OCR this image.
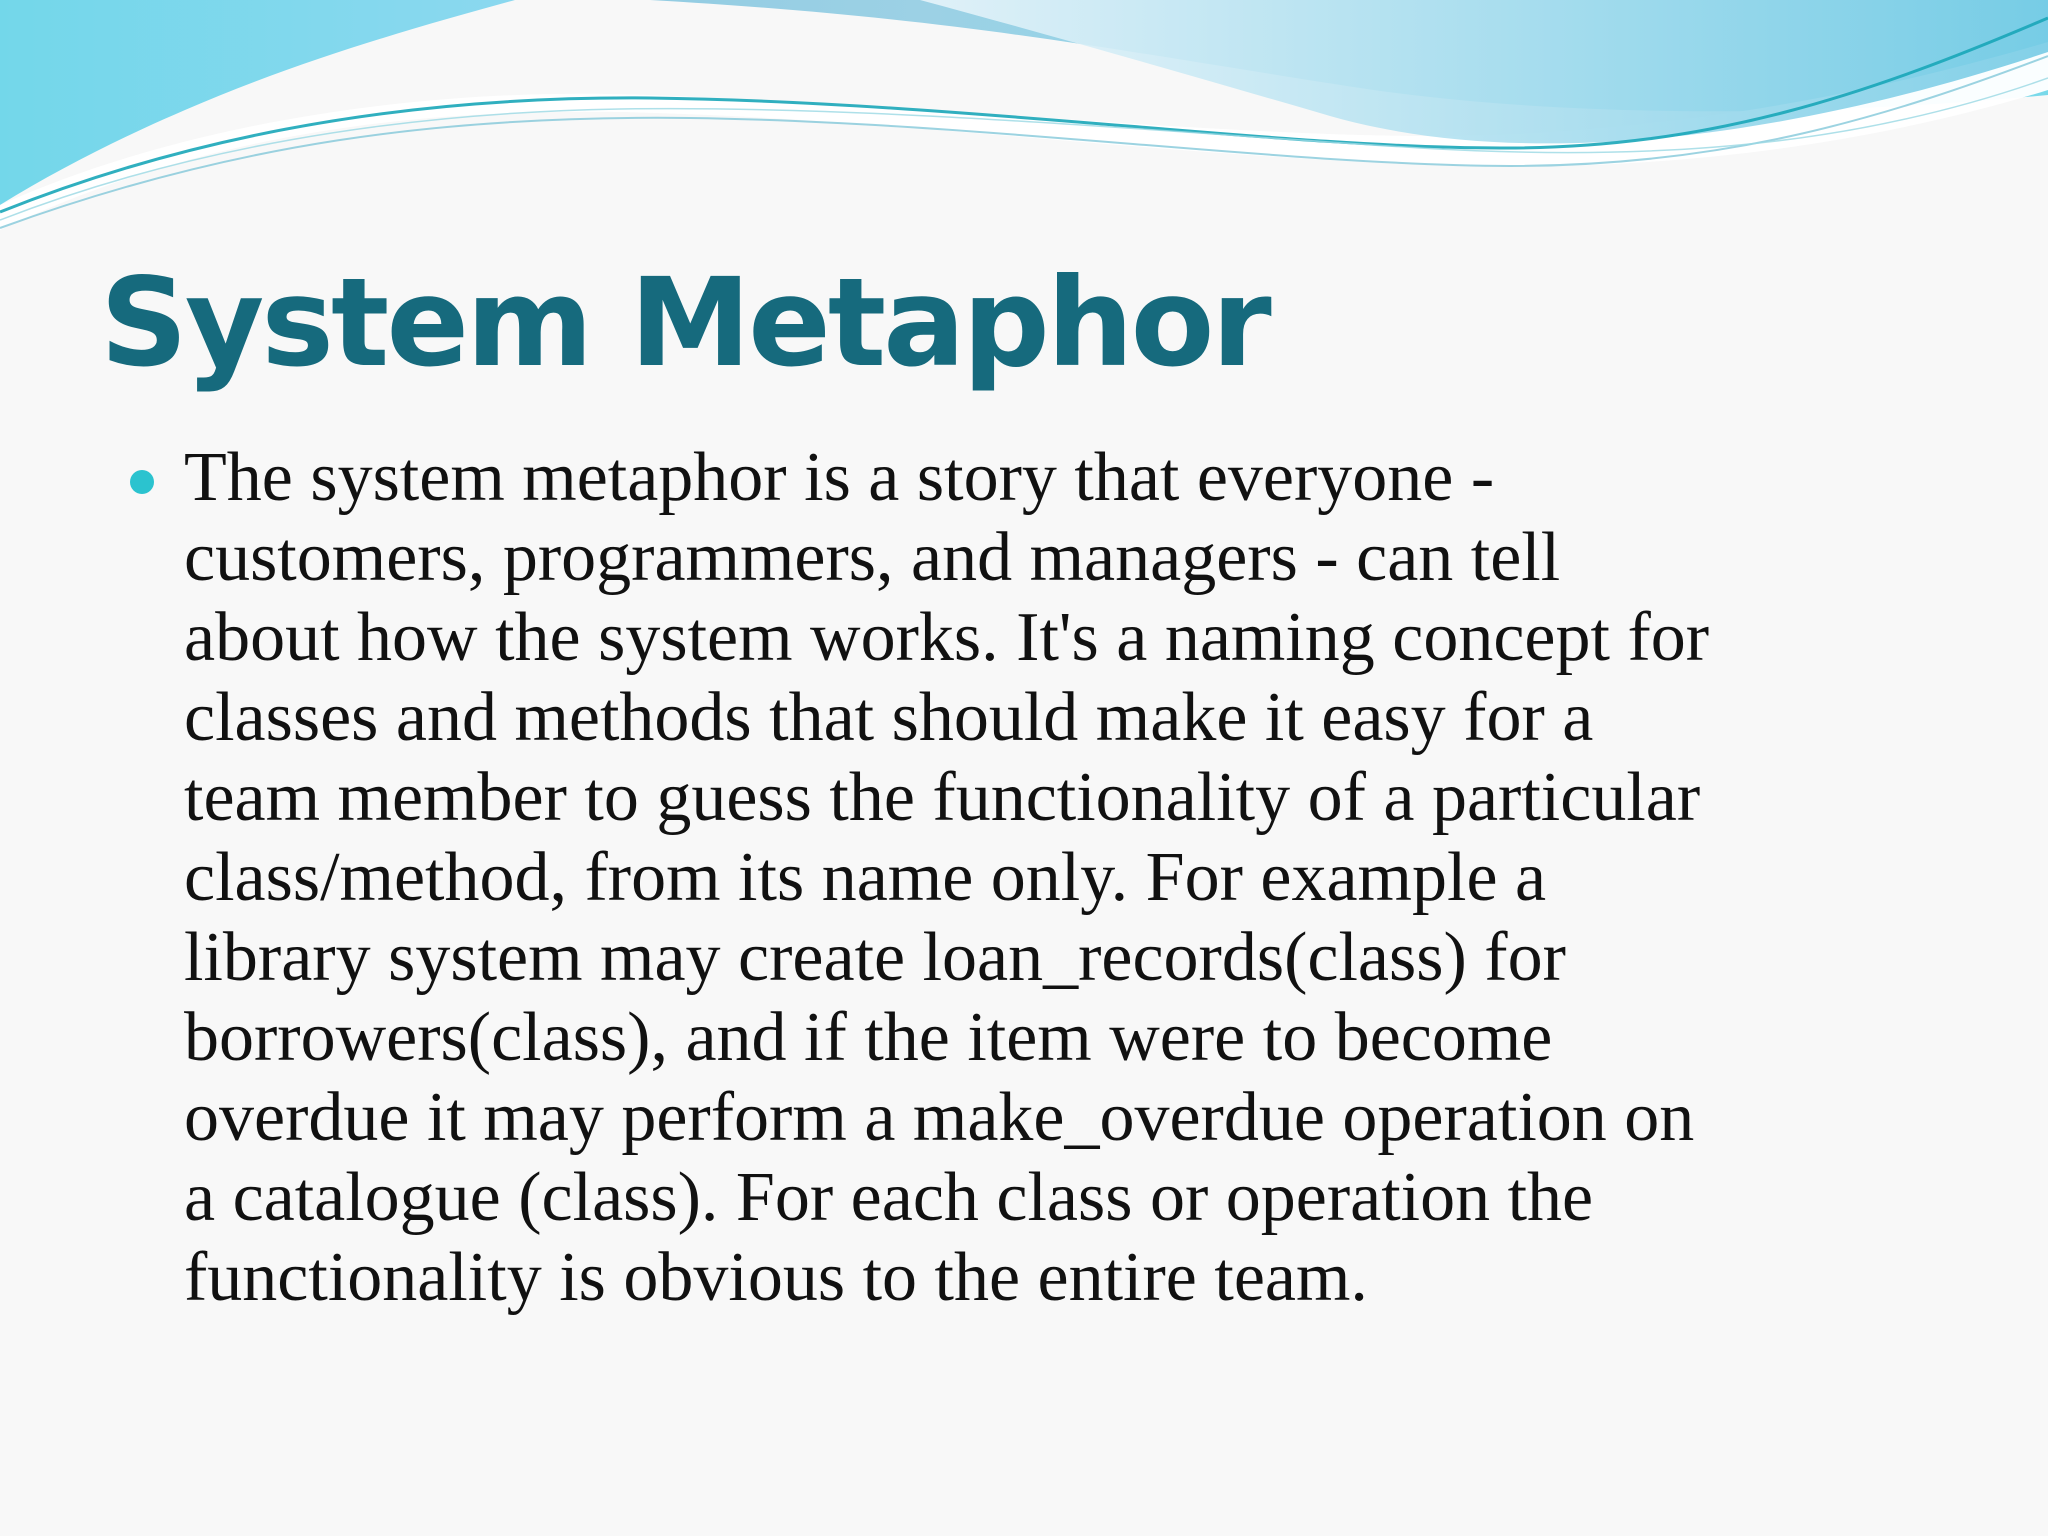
System Metaphor
The system metaphor is a story that everyone -
customers, programmers, and managers - can tell
about how the system works. It's a naming concept for
classes and methods that should make it easy for a
team member to guess the functionality of a particular
class/method, from its name only. For example a
library system may create loan_records(class) for
borrowers(class), and if the item were to become
overdue it may perform a make_overdue operation on
a catalogue (class). For each class or operation the
functionality is obvious to the entire team.
